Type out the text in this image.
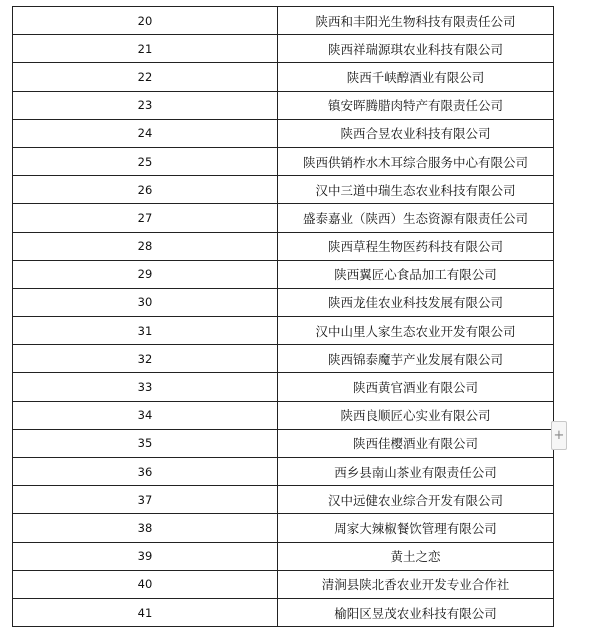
20	陕西和丰阳光生物科技有限责任公司
21	陕西祥瑞源琪农业科技有限公司
22	陕西千峡醇酒业有限公司
23	镇安晖腾腊肉特产有限责任公司
24	陕西合昱农业科技有限公司
25	陕西供销柞水木耳综合服务中心有限公司
26	汉中三道中瑞生态农业科技有限公司
27	盛泰嘉业（陕西）生态资源有限责任公司
28	陕西草程生物医药科技有限公司
29	陕西翼匠心食品加工有限公司
30	陕西龙佳农业科技发展有限公司
31	汉中山里人家生态农业开发有限公司
32	陕西锦泰魔芋产业发展有限公司
33	陕西黄官酒业有限公司
34	陕西良顺匠心实业有限公司
35	陕西佳樱酒业有限公司
36	西乡县南山茶业有限责任公司
37	汉中远健农业综合开发有限公司
38	周家大辣椒餐饮管理有限公司
39	黄土之恋
40	清涧县陕北香农业开发专业合作社
41	榆阳区昱茂农业科技有限公司
+
